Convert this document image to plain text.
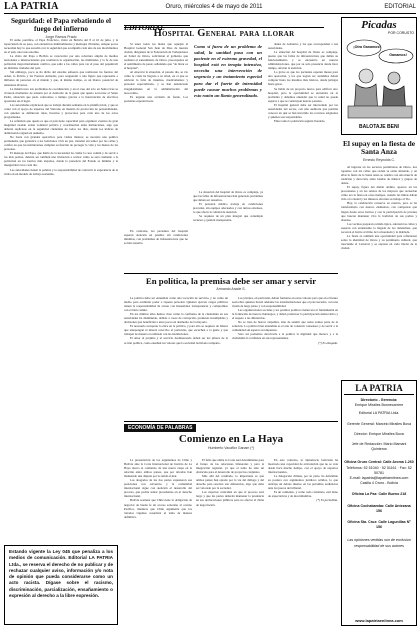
LA PATRIA	Oruro, miércoles 4 de mayo de 2011	EDITORIAL
Seguridad: el Papa rebatiendo el fuego del infierno
Jorge Ramos Prado

El sumo pontífice, el Papa Francisco, visitó en Bolivia del 8 al 10 de julio, y la repercusión de su paso, con encuentros multitudinarios y mensajes vibrantes, aunque pocos recuerdan hoy lo que sucedió con la seguridad que acompañó cada uno de sus movimientos en el país, una tarea enorme.

La visita del Papa a Bolivia se caracterizó por una cobertura amplia de medios nacionales e internacionales que resaltaron la organización, las multitudes y la fe de una población mayoritariamente católica, que salió a las calles para ver el paso del papamóvil en distintas ciudades del país.

Sin embargo, poco se ha dicho del enorme esfuerzo que realizaron las fuerzas del orden, la Policía y las Fuerzas Armadas, para resguardar a una figura que representa a millones de personas en el mundo y que, al mismo tiempo, es un blanco potencial de amenazas diversas.

La misión tuvo sus problemas de coordinación, y en el caso del acto en Santa Cruz se vivieron momentos de tensión por el desborde de la gente que quería acercarse al Santo Padre, situación que pudo controlarse a tiempo gracias a la intervención de efectivos apostados en el lugar.

Las autoridades explicaron que se trabajó durante semanas en la planificación, y que se contó con el apoyo de expertos del Vaticano en materia de protección de personalidades, con quienes se definieron rutas, horarios y protocolos para cada uno de los actos programados.

La reflexión que queda es que el país tiene capacidad para organizar eventos de gran magnitud cuando existe voluntad política y coordinación entre instituciones, algo que debería replicarse en la seguridad ciudadana de todos los días, donde los índices de delincuencia siguen en aumento.

No basta con grandes operativos para visitas ilustres; se necesita una política permanente que garantice a los bolivianos vivir en paz, transitar sin temor por las calles y confiar en que las instituciones cumplen su función de proteger la vida y los bienes de las personas.

El mensaje del Papa, que habló de la necesidad de cuidar la casa común y de servir a los más pobres, debería ser también una invitación a revisar cómo se está cuidando a la población en los barrios más alejados, donde la presencia del Estado es mínima y la inseguridad crece cada día.

Las autoridades tienen la palabra y la responsabilidad de convertir la experiencia de la visita en un modelo de trabajo sostenido.

Estando vigente la Ley 045 que penaliza a los medios de comunicación. Editorial LA PATRIA Ltda., se reserva el derecho de no publicar y de rechazar cualquier aviso, información y/o nota de opinión que pueda considerarse como un acto racista. Dígase sobre el racismo, discriminación, parcialización, ensañamiento o expresión al derecho a la libre expresión.
Hospital General para llorar

Si tener todos los males que aquejan al Hospital General San Juan de Dios de nuestra ciudad, dirigentes de la Federación de Trabajadores en Salud de Oruro, solicitaron al gobierno que realizara el saneamiento de Oruro, preocupados en el sentimiento de pesar, señalando que "de llorar es el hospital".

Al observar la situación, el pasado día, se vio cómo la crisis ha llegado a su nivel, en el que se advierte la falta de insumos, medicamentos y personal especializado, y se han denunciado irregularidades en la administración del nosocomio.

Es urgente una revisión de fondo. Los pacientes esperan horas.

En contraste, los pacientes del hospital esperan atención en pasillos sin condiciones mínimas, con problemas de infraestructura que no se han resuelto.

Como si fuera de un problema de salud, la sanidad pasa con un paciente en el extremo gravedad, el hospital está en terapia intensiva, necesita una intervención de urgencia y un tratamiento especial para dar el fuerte de intensidad puede causar muchos problemas y esto razón un llanto generalizado.

La situación del hospital de Oruro es compleja, ya que las fallas de infraestructura han generado problemas que deben ser resueltos.

El personal médico trabaja en condiciones precarias, sin equipos adecuados y con turnos extensos, lo que afecta la calidad de atención.

Se requiere de un plan integral que contemple recursos y gestión transparente.

dades de Gobierno y las que corresponden a sus autoridades.

La situación del hospital de Oruro es compleja, puesto que las fallas de infraestructura que dañan su funcionamiento y se encuentra en nuevas administraciones, que por su sola presencia desde hace tiempo, afectan la atención.

Lo grave es que los pacientes esperan meses para una operación, y los que logran ser atendidos deben comprar hasta los insumos más básicos, desde jeringas hasta gasas.

Se habla de un proyecto nuevo para edificar otro hospital, pero la oportunidad se encuentra en el problema y debemos entender que la salud no puede esperar a que se construyan nuevas paredes.

El hospital general debe ser intervenido por las autoridades del sector, con una auditoría que permita conocer en qué se han invertido los recursos asignados y quiénes son responsables.

Entre tanto la población seguirá llorando.

Picadas
POR CORUSTO
¡Otra Ganamos!
Ganamos!
BALOTAJE BENI
El supay en la fiesta de Santa Anza
Ernesto Reynolds C.

Al ingresar en los sectores periurbanos de Oruro, nos topamos con las calles que recién se están abriendo, y en ellas la fiesta de la Santa Anza se celebra con una mezcla de tradición y devoción, entre bandas de música y grupos de danza.

El supay, figura del diablo andino, aparece en las procesiones y en los relatos de los mayores que recuerdan cómo era la fiesta en otros tiempos, cuando las minas daban vida a la ciudad y los mineros ofrecían su trabajo al Tío.

Hoy, la celebración conserva su esencia, pero se ha transformado con nuevos elementos, con comparsas que llegan desde otros barrios y con la participación de jóvenes que buscan mantener viva la tradición de sus padres y abuelos.

Los vecinos preparan comida típica, adornan las calles y esperan con entusiasmo la llegada de los danzarines, que recorren el barrio al ritmo de la morenada y la diablada.

La fiesta es también una oportunidad para reflexionar sobre la identidad de Oruro y su patrimonio cultural, que trasciende el Carnaval y se expresa en cada rincón de la ciudad.

En política, la premisa debe ser amar y servir
Armando Aracle S.

La política debe ser entendida como una vocación de servicio, y no como un medio para acumular poder o riqueza personal. Quienes ejercen cargos públicos tienen la responsabilidad de actuar con honestidad, transparencia y compromiso con el bien común.

En los últimos años hemos visto cómo la confianza de la ciudadanía en sus autoridades ha disminuido, debido a casos de corrupción, promesas incumplidas y decisiones que benefician a unos pocos en desmedro de la mayoría.

Es necesario recuperar la ética en la política, y para ello se requiere de líderes que antepongan el interés colectivo al particular, que escuchen a la gente y que trabajen de manera coordinada con las instituciones.

El amor al prójimo y el servicio desinteresado deben ser los pilares de la acción política, como enseñan los valores que la sociedad boliviana comparte.

Los jóvenes, en particular, deben formarse en estos valores para que en el futuro sean ellos quienes lleven adelante las transformaciones que el país necesita, con una visión de largo plazo y con responsabilidad.

Las organizaciones sociales y los partidos políticos tienen un rol fundamental en la formación de nuevos liderazgos, y deben promover la participación democrática y el respeto a las diferencias.

No se trata de buscar culpables, sino de asumir que todos somos parte de la solución. La política bien entendida es el arte de construir consensos y de servir a la comunidad sin esperar recompensas.

Solo así podremos devolverle a la política la dignidad que merece y a la ciudadanía la confianza en sus representantes.

(*) Es abogado.

ECONOMÍA DE PALABRAS
Comienzo en La Haya
Humberto Vacaflor Ganam (*)

La presentación de los argumentos de Chile y Bolivia ante la Corte Internacional de Justicia de La Haya marca el comienzo de una nueva etapa en la relación entre ambos países, que por décadas han mantenido una disputa por la salida al mar.

Los abogados de las dos partes expusieron sus posiciones con solvencia, y la comunidad internacional sigue con atención el desarrollo del proceso, que podría sentar precedentes en el derecho internacional.

Bolivia sostiene que Chile tiene la obligación de negociar de buena fe un acceso soberano al océano Pacífico, mientras que Chile argumenta que los tratados vigentes resuelven el tema de manera definitiva.

El fallo que emita la Corte será determinante para el futuro de las relaciones bilaterales y para la integración regional, ya que el tema ha sido un obstáculo para el desarrollo de proyectos conjuntos.

Más allá del resultado, lo importante es que ambos países han optado por la vía del diálogo y del derecho para resolver sus diferencias, algo que debe ser valorado por la sociedad.

Los expertos coinciden en que el proceso será largo y que las partes deberán mantener la prudencia en sus declaraciones públicas para no afectar el clima de negociación.

En este contexto, la diplomacia boliviana ha mostrado una capacidad de articulación que no se veía desde hace mucho tiempo, con el apoyo de expertos internacionales.

La delegación chilena, por su parte, ha defendido su postura con argumentos jurídicos sólidos, lo que anticipa un debate intenso en las próximas audiencias ante los jueces del tribunal.

Es un comienzo, y como todo comienzo, está lleno de expectativas y de incertidumbre.

(*) Es periodista.

LA PATRIA
Directorio - Gerencia:
Enrique Miralles Bonnecarrere
Editorial LA PATRIA Ltda.
Gerente General: Marcelo Miralles Bova
Director: Enrique Miralles Bova
Jefe de Redacción: Mario Mamani Quinteros
Oficina Oruro Central: Calle Aroma 1.260
Teléfonos: 52 51040 · 52 51161 · Fax: 52 50781
E-mail: lapatria@lapatriaenlinea.com
Casilla 4 Oruro - Bolivia
Oficina La Paz: Calle Bueno 218
Oficina Cochabamba: Calle Antezana 156
Oficina Sta. Cruz: Calle Lagunillas Nº 156
Las opiniones vertidas son de exclusiva responsabilidad de sus autores
www.lapatriaenlinea.com
